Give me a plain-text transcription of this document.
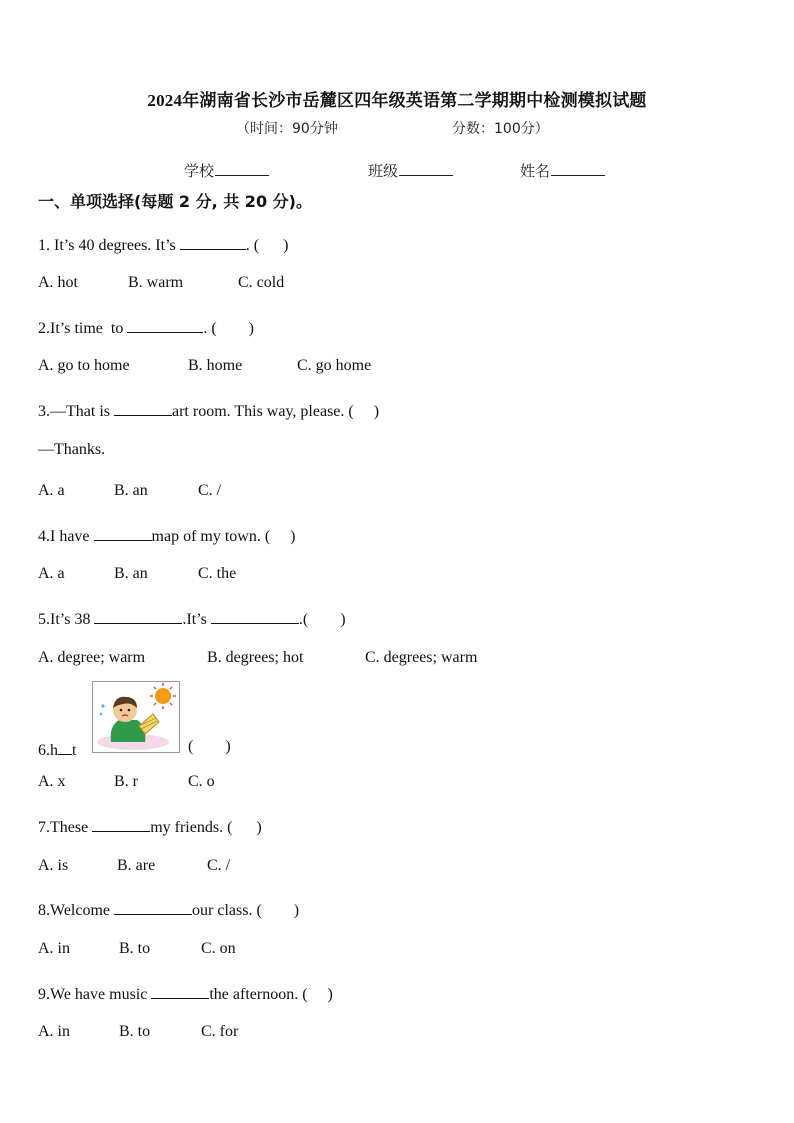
2024年湖南省长沙市岳麓区四年级英语第二学期期中检测模拟试题
（时间：90分钟	分数：100分）
学校	班级	姓名
一、单项选择(每题 2 分, 共 20 分)。
1. It’s 40 degrees. It’s	. (      )
A. hot	B. warm	C. cold
2.It’s time  to	. (        )
A. go to home	B. home	C. go home
3.—That is	art room. This way, please. (     )
—Thanks.
A. a	B. an	C. /
4.I have	map of my town. (     )
A. a	B. an	C. the
5.It’s 38	.It’s	.(        )
A. degree; warm	B. degrees; hot	C. degrees; warm
6.h t	(        )
A. x	B. r	C. o
7.These	my friends. (      )
A. is	B. are	C. /
8.Welcome	our class. (        )
A. in	B. to	C. on
9.We have music	the afternoon. (     )
A. in	B. to	C. for
